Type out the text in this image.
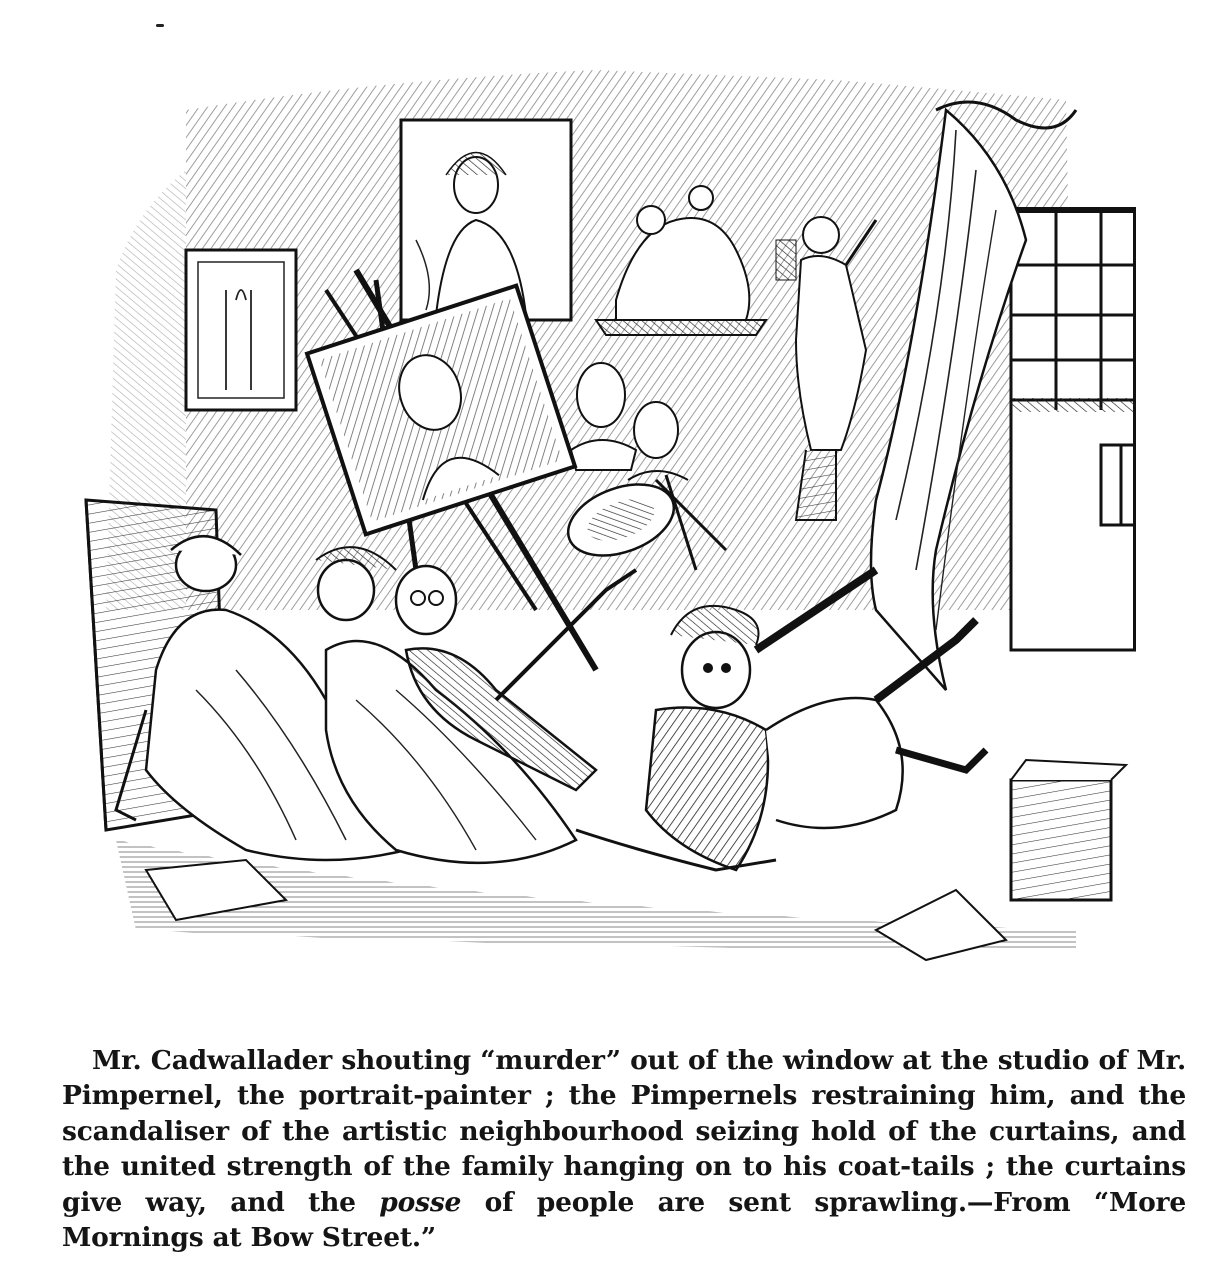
Mr. Cadwallader shouting “murder” out of the window at the studio of Mr. Pimpernel, the portrait-painter ; the Pimpernels restraining him, and the scandaliser of the artistic neighbourhood seizing hold of the curtains, and the united strength of the family hanging on to his coat-tails ; the curtains give way, and the posse of people are sent sprawling.—From “More Mornings at Bow Street.”
